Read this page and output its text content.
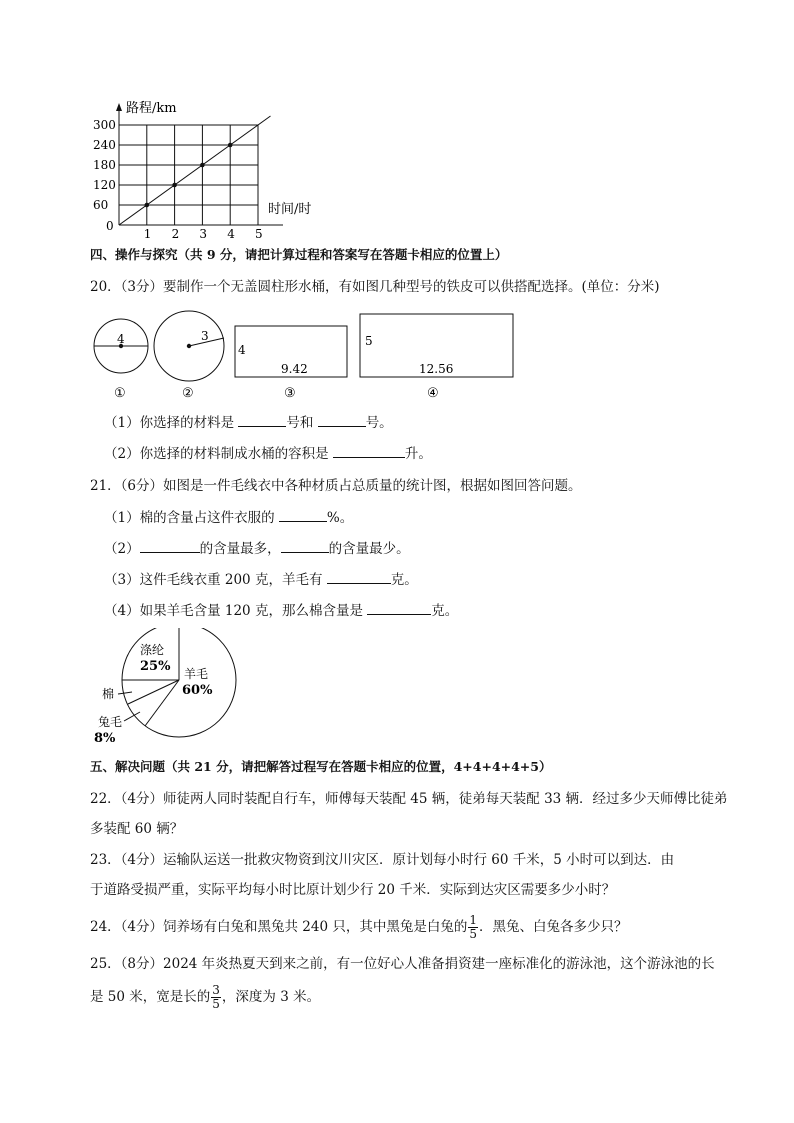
1 2 3 4 5
60
120
180
240
300
路程/km
时间/时
0
四、操作与探究（共 9 分，请把计算过程和答案写在答题卡相应的位置上）
20．（3分）要制作一个无盖圆柱形水桶，有如图几种型号的铁皮可以供搭配选择。(单位：分米)
4
①
3
②
4
9.42
③
5
12.56
④
（1）你选择的材料是	号和	号。
（2）你选择的材料制成水桶的容积是	升。
21．（6分）如图是一件毛线衣中各种材质占总质量的统计图，根据如图回答问题。
（1）棉的含量占这件衣服的	%。
（2）	的含量最多，	的含量最少。
（3）这件毛线衣重 200 克，羊毛有	克。
（4）如果羊毛含量 120 克，那么棉含量是	克。
羊毛
60%
涤纶
25%
棉
兔毛
8%
五、解决问题（共 21 分，请把解答过程写在答题卡相应的位置，4+4+4+4+5）
22．（4分）师徒两人同时装配自行车，师傅每天装配 45 辆，徒弟每天装配 33 辆．经过多少天师傅比徒弟
多装配 60 辆？
23．（4分）运输队运送一批救灾物资到汶川灾区．原计划每小时行 60 千米，5 小时可以到达．由
于道路受损严重，实际平均每小时比原计划少行 20 千米．实际到达灾区需要多少小时？
24．（4分）饲养场有白兔和黑兔共 240 只，其中黑兔是白兔的 $\frac{1}{5}$ ．黑兔、白兔各多少只？
25．（8分）2024 年炎热夏天到来之前，有一位好心人准备捐资建一座标准化的游泳池，这个游泳池的长
是 50 米，宽是长的 $\frac{3}{5}$ ，深度为 3 米。
